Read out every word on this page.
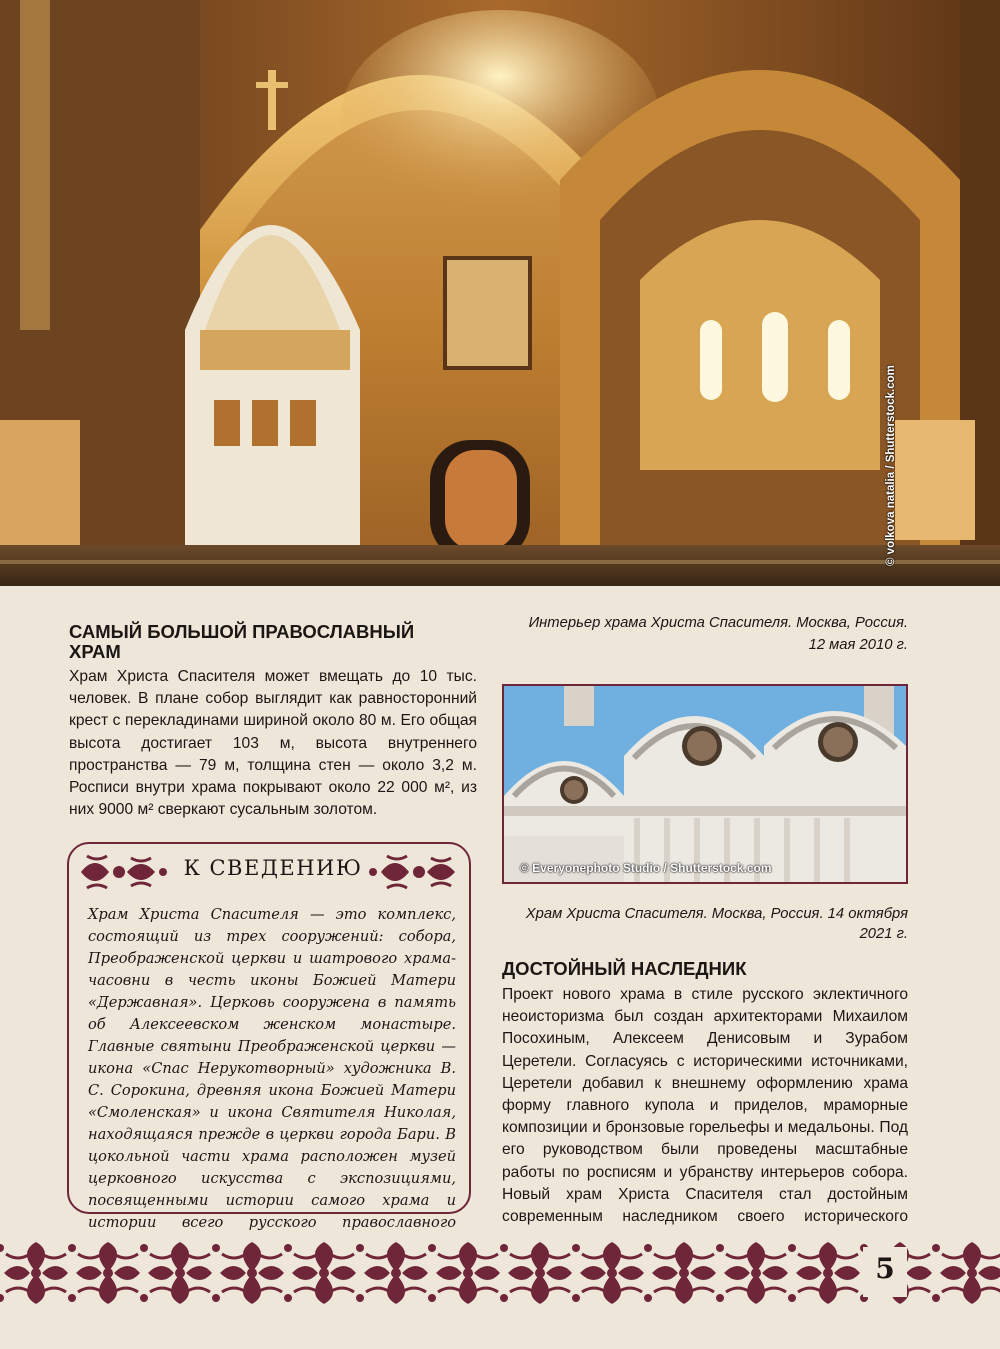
САМЫЙ БОЛЬШОЙ ПРАВОСЛАВНЫЙ ХРАМ
Храм Христа Спасителя может вмещать до 10 тыс. человек. В плане собор выглядит как равносторонний крест с перекладинами шириной около 80 м. Его общая высота достигает 103 м, высота внутреннего пространства — 79 м, толщина стен — около 3,2 м. Росписи внутри храма покрывают около 22 000 м², из них 9000 м² сверкают сусальным золотом.
К СВЕДЕНИЮ
Храм Христа Спасителя — это комплекс, состоящий из трех сооружений: собора, Преображенской церкви и шатрового храма-часовни в честь иконы Божией Матери «Державная». Церковь сооружена в память об Алексеевском женском монастыре. Главные святыни Преображенской церкви — икона «Спас Нерукотворный» художника В. С. Сорокина, древняя икона Божией Матери «Смоленская» и икона Святителя Николая, находящаяся прежде в церкви города Бари. В цокольной части храма расположен музей церковного искусства с экспозициями, посвященными истории самого храма и истории всего русского православного
Интерьер храма Христа Спасителя. Москва, Россия. 12 мая 2010 г.
© Everyonephoto Studio / Shutterstock.com
Храм Христа Спасителя. Москва, Россия. 14 октября 2021 г.
ДОСТОЙНЫЙ НАСЛЕДНИК
Проект нового храма в стиле русского эклектичного неоисторизма был создан архитекторами Михаилом Посохиным, Алексеем Денисовым и Зурабом Церетели. Согласуясь с историческими источниками, Церетели добавил к внешнему оформлению храма форму главного купола и приделов, мраморные композиции и бронзовые горельефы и медальоны. Под его руководством были проведены масштабные работы по росписям и убранству интерьеров собора. Новый храм Христа Спасителя стал достойным современным наследником своего исторического
5
